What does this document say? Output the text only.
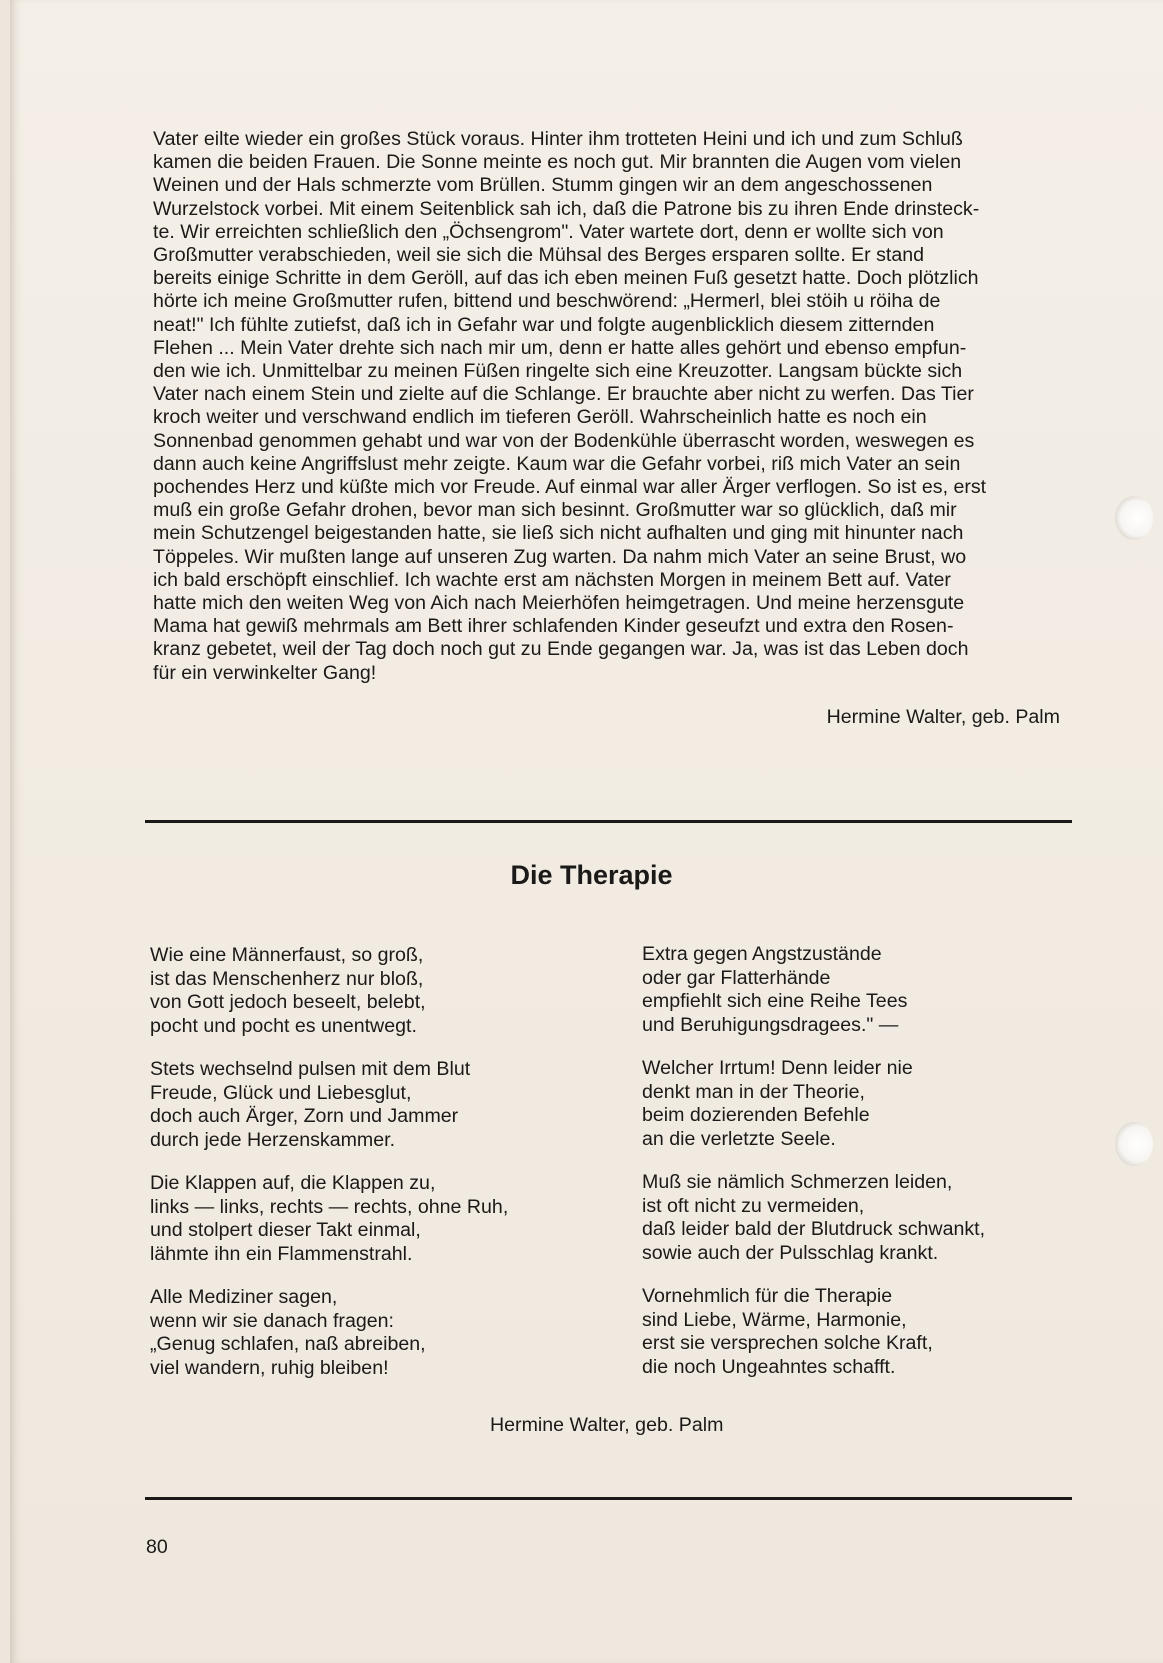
Vater eilte wieder ein großes Stück voraus. Hinter ihm trotteten Heini und ich und zum Schluß

kamen die beiden Frauen. Die Sonne meinte es noch gut. Mir brannten die Augen vom vielen

Weinen und der Hals schmerzte vom Brüllen. Stumm gingen wir an dem angeschossenen

Wurzelstock vorbei. Mit einem Seitenblick sah ich, daß die Patrone bis zu ihren Ende drinsteck-

te. Wir erreichten schließlich den „Öchsengrom". Vater wartete dort, denn er wollte sich von

Großmutter verabschieden, weil sie sich die Mühsal des Berges ersparen sollte. Er stand

bereits einige Schritte in dem Geröll, auf das ich eben meinen Fuß gesetzt hatte. Doch plötzlich

hörte ich meine Großmutter rufen, bittend und beschwörend: „Hermerl, blei stöih u röiha de

neat!" Ich fühlte zutiefst, daß ich in Gefahr war und folgte augenblicklich diesem zitternden

Flehen ... Mein Vater drehte sich nach mir um, denn er hatte alles gehört und ebenso empfun-

den wie ich. Unmittelbar zu meinen Füßen ringelte sich eine Kreuzotter. Langsam bückte sich

Vater nach einem Stein und zielte auf die Schlange. Er brauchte aber nicht zu werfen. Das Tier

kroch weiter und verschwand endlich im tieferen Geröll. Wahrscheinlich hatte es noch ein

Sonnenbad genommen gehabt und war von der Bodenkühle überrascht worden, weswegen es

dann auch keine Angriffslust mehr zeigte. Kaum war die Gefahr vorbei, riß mich Vater an sein

pochendes Herz und küßte mich vor Freude. Auf einmal war aller Ärger verflogen. So ist es, erst

muß ein große Gefahr drohen, bevor man sich besinnt. Großmutter war so glücklich, daß mir

mein Schutzengel beigestanden hatte, sie ließ sich nicht aufhalten und ging mit hinunter nach

Töppeles. Wir mußten lange auf unseren Zug warten. Da nahm mich Vater an seine Brust, wo

ich bald erschöpft einschlief. Ich wachte erst am nächsten Morgen in meinem Bett auf. Vater

hatte mich den weiten Weg von Aich nach Meierhöfen heimgetragen. Und meine herzensgute

Mama hat gewiß mehrmals am Bett ihrer schlafenden Kinder geseufzt und extra den Rosen-

kranz gebetet, weil der Tag doch noch gut zu Ende gegangen war. Ja, was ist das Leben doch

für ein verwinkelter Gang!

Hermine Walter, geb. Palm
Die Therapie
Wie eine Männerfaust, so groß,
ist das Menschenherz nur bloß,
von Gott jedoch beseelt, belebt,
pocht und pocht es unentwegt.
Stets wechselnd pulsen mit dem Blut
Freude, Glück und Liebesglut,
doch auch Ärger, Zorn und Jammer
durch jede Herzenskammer.
Die Klappen auf, die Klappen zu,
links — links, rechts — rechts, ohne Ruh,
und stolpert dieser Takt einmal,
lähmte ihn ein Flammenstrahl.
Alle Mediziner sagen,
wenn wir sie danach fragen:
„Genug schlafen, naß abreiben,
viel wandern, ruhig bleiben!
Extra gegen Angstzustände
oder gar Flatterhände
empfiehlt sich eine Reihe Tees
und Beruhigungsdragees." —
Welcher Irrtum! Denn leider nie
denkt man in der Theorie,
beim dozierenden Befehle
an die verletzte Seele.
Muß sie nämlich Schmerzen leiden,
ist oft nicht zu vermeiden,
daß leider bald der Blutdruck schwankt,
sowie auch der Pulsschlag krankt.
Vornehmlich für die Therapie
sind Liebe, Wärme, Harmonie,
erst sie versprechen solche Kraft,
die noch Ungeahntes schafft.
Hermine Walter, geb. Palm
80
